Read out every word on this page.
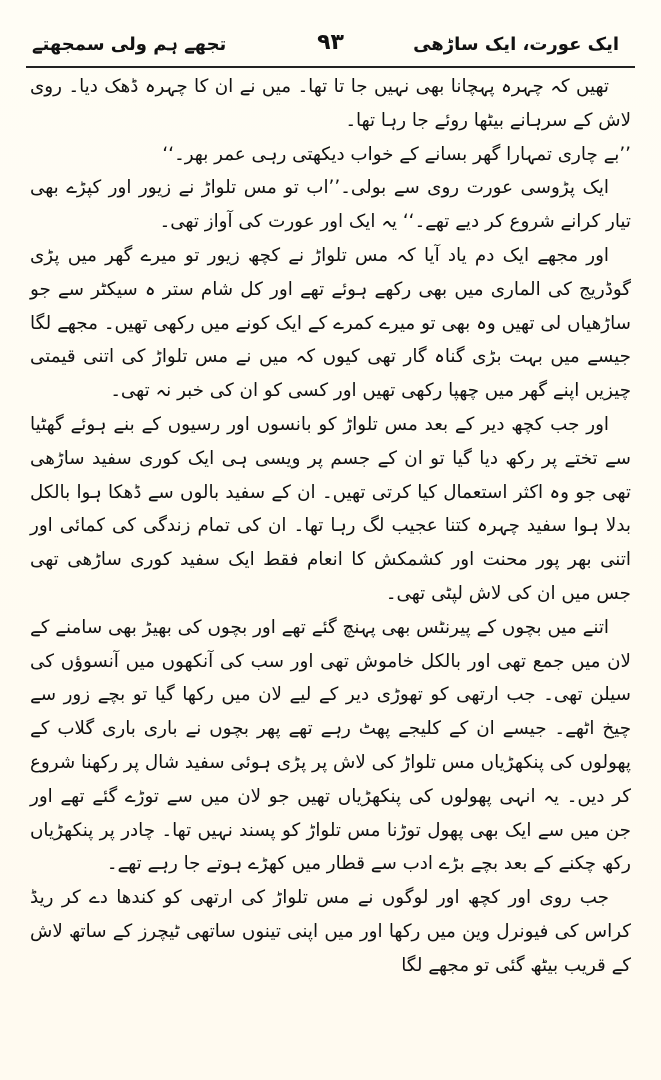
ایک عورت، ایک ساڑھی
۹۳
تجھے ہم ولی سمجھتے

تھیں کہ چہرہ پہچانا بھی نہیں جا تا تھا۔ میں نے ان کا چہرہ ڈھک دیا۔ روی لاش کے سرہانے بیٹھا روئے جا رہا تھا۔

’’بے چاری تمہارا گھر بسانے کے خواب دیکھتی رہی عمر بھر۔‘‘

ایک پڑوسی عورت روی سے بولی۔’’اب تو مس تلواڑ نے زیور اور کپڑے بھی تیار کرانے شروع کر دیے تھے۔‘‘ یہ ایک اور عورت کی آواز تھی۔

اور مجھے ایک دم یاد آیا کہ مس تلواڑ نے کچھ زیور تو میرے گھر میں پڑی گوڈریج کی الماری میں بھی رکھے ہوئے تھے اور کل شام ستر ہ سیکٹر سے جو ساڑھیاں لی تھیں وہ بھی تو میرے کمرے کے ایک کونے میں رکھی تھیں۔ مجھے لگا جیسے میں بہت بڑی گناہ گار تھی کیوں کہ میں نے مس تلواڑ کی اتنی قیمتی چیزیں اپنے گھر میں چھپا رکھی تھیں اور کسی کو ان کی خبر نہ تھی۔

اور جب کچھ دیر کے بعد مس تلواڑ کو بانسوں اور رسیوں کے بنے ہوئے گھٹیا سے تختے پر رکھ دیا گیا تو ان کے جسم پر ویسی ہی ایک کوری سفید ساڑھی تھی جو وہ اکثر استعمال کیا کرتی تھیں۔ ان کے سفید بالوں سے ڈھکا ہوا بالکل بدلا ہوا سفید چہرہ کتنا عجیب لگ رہا تھا۔ ان کی تمام زندگی کی کمائی اور اتنی بھر پور محنت اور کشمکش کا انعام فقط ایک سفید کوری ساڑھی تھی جس میں ان کی لاش لپٹی تھی۔

اتنے میں بچوں کے پیرنٹس بھی پہنچ گئے تھے اور بچوں کی بھیڑ بھی سامنے کے لان میں جمع تھی اور بالکل خاموش تھی اور سب کی آنکھوں میں آنسوؤں کی سیلن تھی۔ جب ارتھی کو تھوڑی دیر کے لیے لان میں رکھا گیا تو بچے زور سے چیخ اٹھے۔ جیسے ان کے کلیجے پھٹ رہے تھے پھر بچوں نے باری باری گلاب کے پھولوں کی پنکھڑیاں مس تلواڑ کی لاش پر پڑی ہوئی سفید شال پر رکھنا شروع کر دیں۔ یہ انہی پھولوں کی پنکھڑیاں تھیں جو لان میں سے توڑے گئے تھے اور جن میں سے ایک بھی پھول توڑنا مس تلواڑ کو پسند نہیں تھا۔ چادر پر پنکھڑیاں رکھ چکنے کے بعد بچے بڑے ادب سے قطار میں کھڑے ہوتے جا رہے تھے۔

جب روی اور کچھ اور لوگوں نے مس تلواڑ کی ارتھی کو کندھا دے کر ریڈ کراس کی فیونرل وین میں رکھا اور میں اپنی تینوں ساتھی ٹیچرز کے ساتھ لاش کے قریب بیٹھ گئی تو مجھے لگا
